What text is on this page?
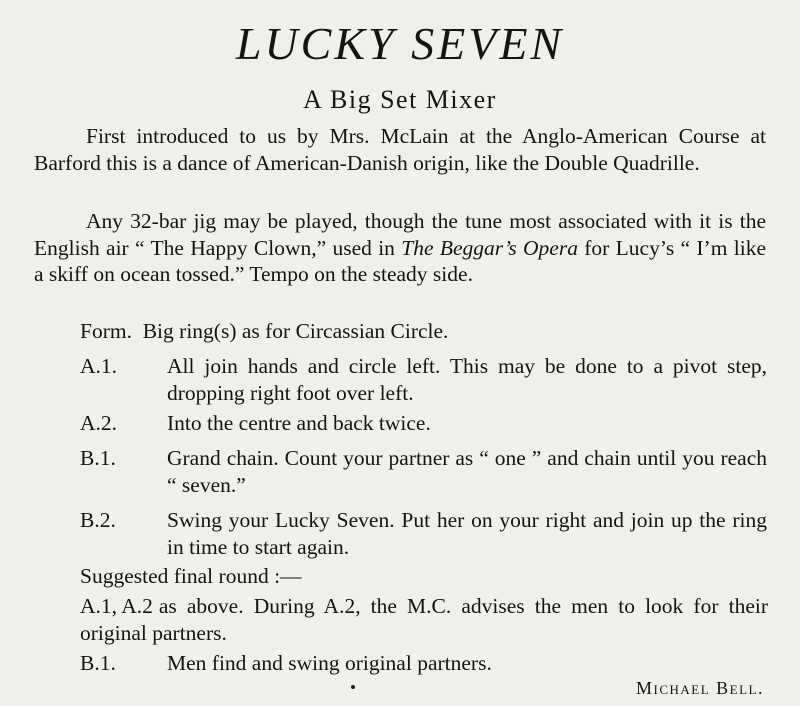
LUCKY SEVEN
A Big Set Mixer

First introduced to us by Mrs. McLain at the Anglo-American Course at Barford this is a dance of American-Danish origin, like the Double Quadrille.

Any 32-bar jig may be played, though the tune most associated with it is the English air “ The Happy Clown,” used in The Beggar’s Opera for Lucy’s “ I’m like a skiff on ocean tossed.” Tempo on the steady side.

Form. Big ring(s) as for Circassian Circle.
A.1. All join hands and circle left. This may be done to a pivot step, dropping right foot over left.
A.2. Into the centre and back twice.
B.1. Grand chain. Count your partner as “ one ” and chain until you reach “ seven.”
B.2. Swing your Lucky Seven. Put her on your right and join up the ring in time to start again.
Suggested final round :—
A.1, A.2 as above. During A.2, the M.C. advises the men to look for their original partners.
B.1. Men find and swing original partners.
Michael Bell.
